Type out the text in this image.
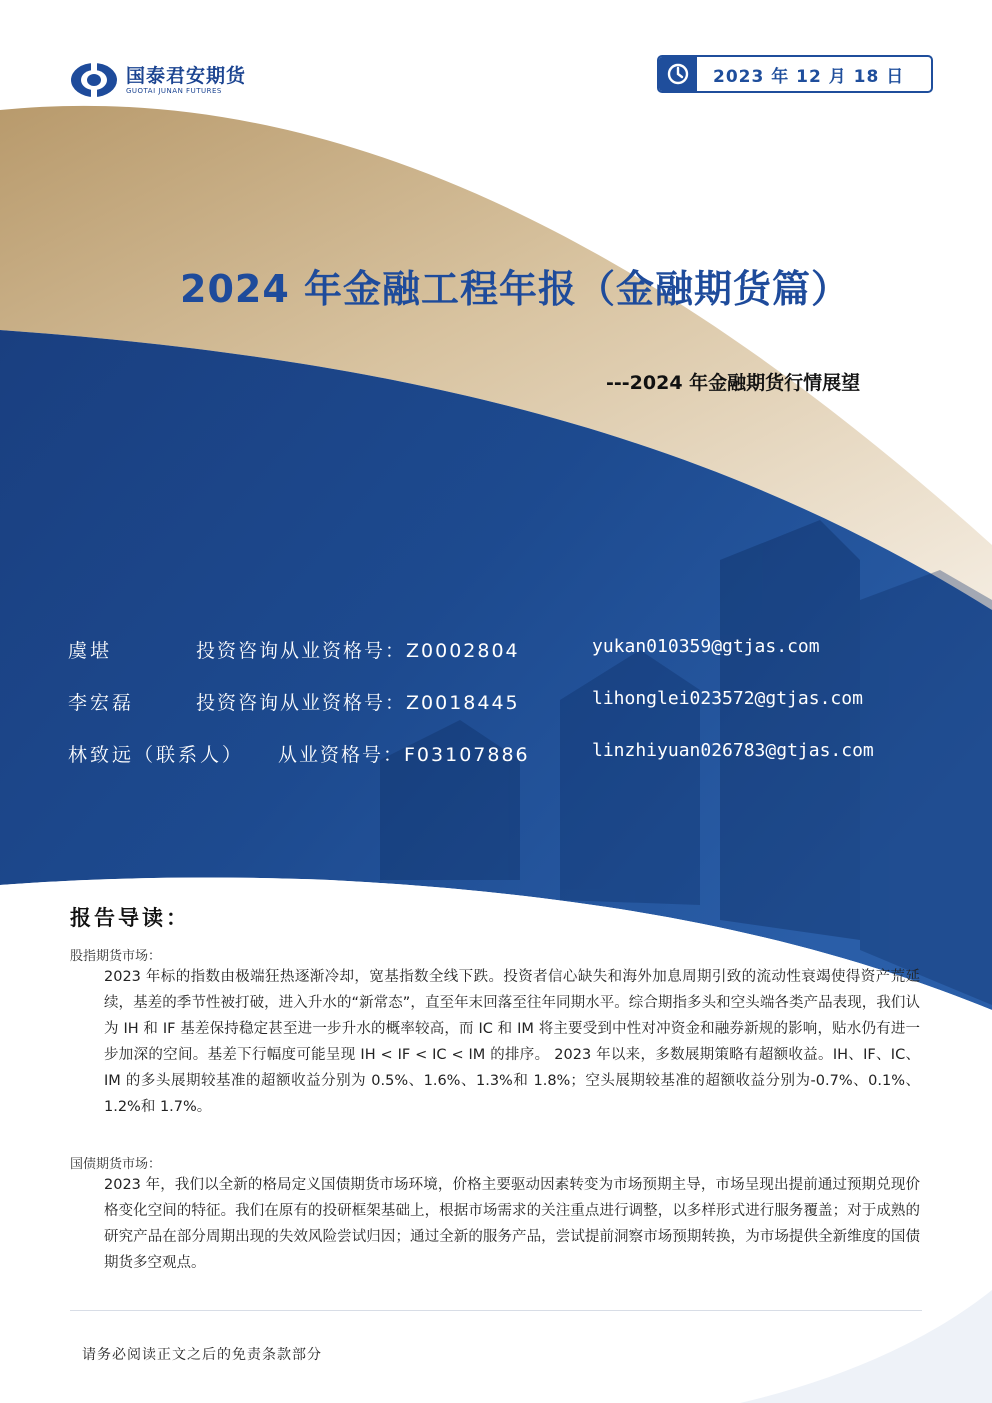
国泰君安期货
GUOTAI JUNAN FUTURES
2023 年 12 月 18 日
2024 年金融工程年报（金融期货篇）
---2024 年金融期货行情展望
虞堪	投资咨询从业资格号：Z0002804	yukan010359@gtjas.com
李宏磊	投资咨询从业资格号：Z0018445	lihonglei023572@gtjas.com
林致远（联系人） 从业资格号：F03107886	linzhiyuan026783@gtjas.com
报告导读：
股指期货市场：
2023 年标的指数由极端狂热逐渐冷却，宽基指数全线下跌。投资者信心缺失和海外加息周期引致的流动性衰竭使得资产荒延续，基差的季节性被打破，进入升水的“新常态”，直至年末回落至往年同期水平。综合期指多头和空头端各类产品表现，我们认为 IH 和 IF 基差保持稳定甚至进一步升水的概率较高，而 IC 和 IM 将主要受到中性对冲资金和融券新规的影响，贴水仍有进一步加深的空间。基差下行幅度可能呈现 IH < IF < IC < IM 的排序。 2023 年以来，多数展期策略有超额收益。IH、IF、IC、IM 的多头展期较基准的超额收益分别为 0.5%、1.6%、1.3%和 1.8%；空头展期较基准的超额收益分别为-0.7%、0.1%、1.2%和 1.7%。
国债期货市场：
2023 年，我们以全新的格局定义国债期货市场环境，价格主要驱动因素转变为市场预期主导，市场呈现出提前通过预期兑现价格变化空间的特征。我们在原有的投研框架基础上，根据市场需求的关注重点进行调整，以多样形式进行服务覆盖；对于成熟的研究产品在部分周期出现的失效风险尝试归因；通过全新的服务产品，尝试提前洞察市场预期转换，为市场提供全新维度的国债期货多空观点。
请务必阅读正文之后的免责条款部分
